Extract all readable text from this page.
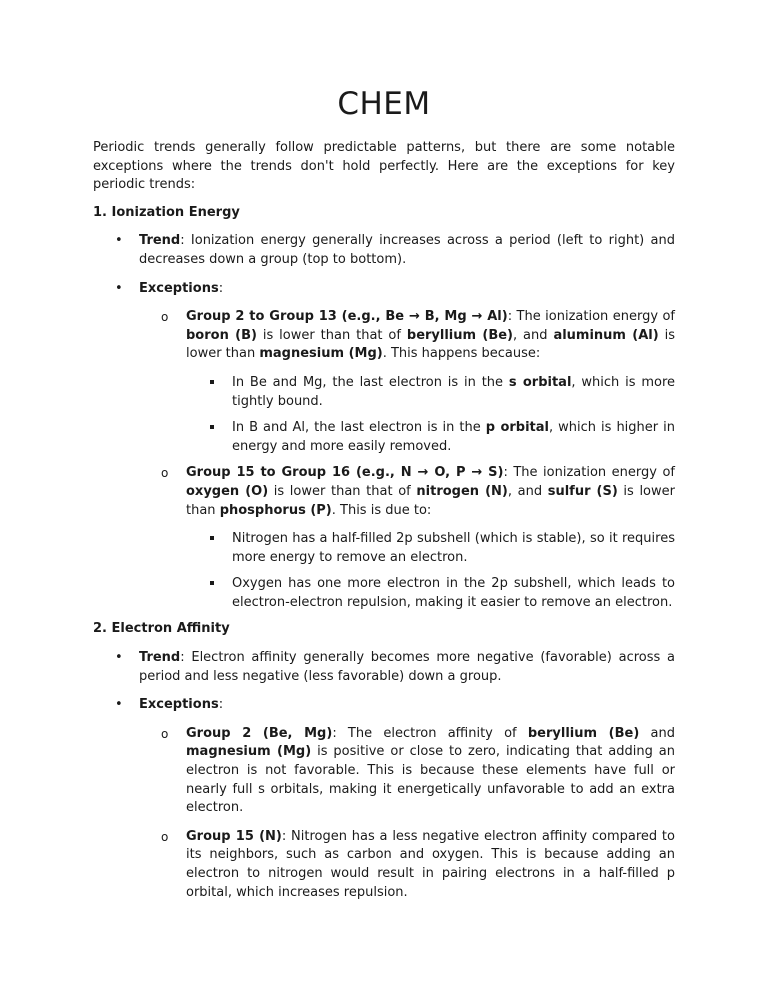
CHEM

Periodic trends generally follow predictable patterns, but there are some notable exceptions where the trends don't hold perfectly. Here are the exceptions for key periodic trends:

1. Ionization Energy

• Trend: Ionization energy generally increases across a period (left to right) and decreases down a group (top to bottom).
• Exceptions:
o Group 2 to Group 13 (e.g., Be → B, Mg → Al): The ionization energy of boron (B) is lower than that of beryllium (Be), and aluminum (Al) is lower than magnesium (Mg). This happens because:
In Be and Mg, the last electron is in the s orbital, which is more tightly bound.
In B and Al, the last electron is in the p orbital, which is higher in energy and more easily removed.
o Group 15 to Group 16 (e.g., N → O, P → S): The ionization energy of oxygen (O) is lower than that of nitrogen (N), and sulfur (S) is lower than phosphorus (P). This is due to:
Nitrogen has a half-filled 2p subshell (which is stable), so it requires more energy to remove an electron.
Oxygen has one more electron in the 2p subshell, which leads to electron-electron repulsion, making it easier to remove an electron.

2. Electron Affinity

• Trend: Electron affinity generally becomes more negative (favorable) across a period and less negative (less favorable) down a group.
• Exceptions:
o Group 2 (Be, Mg): The electron affinity of beryllium (Be) and magnesium (Mg) is positive or close to zero, indicating that adding an electron is not favorable. This is because these elements have full or nearly full s orbitals, making it energetically unfavorable to add an extra electron.
o Group 15 (N): Nitrogen has a less negative electron affinity compared to its neighbors, such as carbon and oxygen. This is because adding an electron to nitrogen would result in pairing electrons in a half-filled p orbital, which increases repulsion.
